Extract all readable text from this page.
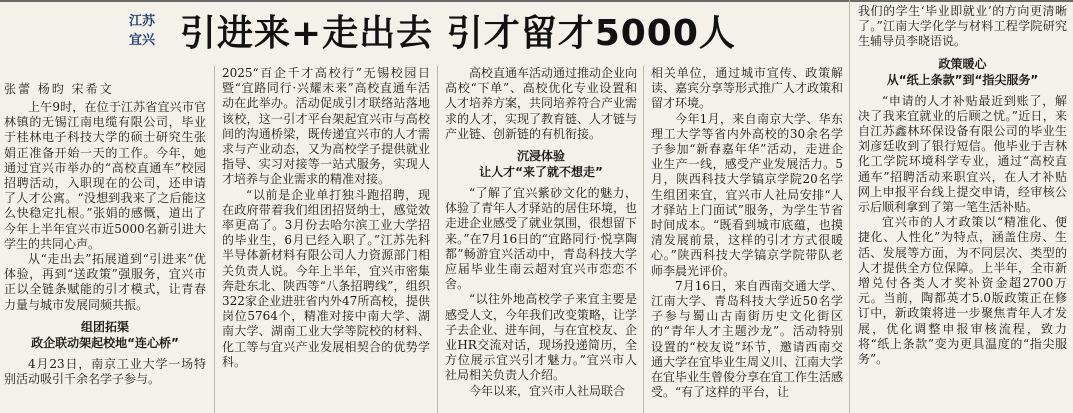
江苏
宜兴 引进来+走出去 引才留才5000人
张蕾 杨昀 宋希文

上午9时，在位于江苏省宜兴市官林镇的无锡江南电缆有限公司，毕业于桂林电子科技大学的硕士研究生张娟正准备开始一天的工作。今年，她通过宜兴市举办的“高校直通车”校园招聘活动，入职现在的公司，还申请了人才公寓。“没想到我来了之后能这么快稳定扎根。”张娟的感慨，道出了今年上半年宜兴市近5000名新引进大学生的共同心声。

从“走出去”拓展道到“引进来”优体验，再到“送政策”强服务，宜兴市正以全链条赋能的引才模式，让青春力量与城市发展同频共振。

组团拓渠
政企联动架起校地“连心桥”

4月23日，南京工业大学一场特别活动吸引千余名学子参与。

2025“百企千才高校行”无锡校园日暨“宜路同行·兴耀未来”高校直通车活动在此举办。活动促成引才联络站落地该校，这一引才平台架起宜兴市与高校间的沟通桥梁，既传递宜兴市的人才需求与产业动态，又为高校学子提供就业指导、实习对接等一站式服务，实现人才培养与企业需求的精准对接。

“以前是企业单打独斗跑招聘，现在政府带着我们组团招贤纳士，感觉效率更高了。3月份去哈尔滨工业大学招的毕业生，6月已经入职了。”江苏先科半导体新材料有限公司人力资源部门相关负责人说。今年上半年，宜兴市密集奔赴东北、陕西等“八条招聘线”，组织322家企业进驻省内外47所高校，提供岗位5764个，精准对接中南大学、湖南大学、湖南工业大学等院校的材料、化工等与宜兴产业发展相契合的优势学科。

高校直通车活动通过推动企业向高校“下单”、高校优化专业设置和人才培养方案，共同培养符合产业需求的人才，实现了教育链、人才链与产业链、创新链的有机衔接。

沉浸体验
让人才“来了就不想走”

“了解了宜兴紫砂文化的魅力，体验了青年人才驿站的居住环境，也走进企业感受了就业氛围，很想留下来。”在7月16日的“宜路同行·悦享陶都”畅游宜兴活动中，青岛科技大学应届毕业生南云超对宜兴市恋恋不舍。

“以往外地高校学子来宜主要是感受人文，今年我们改变策略，让学子去企业、进车间，与在宜校友、企业HR交流对话，现场投递简历，全方位展示宜兴引才魅力。”宜兴市人社局相关负责人介绍。

今年以来，宜兴市人社局联合

相关单位，通过城市宣传、政策解读、嘉宾分享等形式推广人才政策和留才环境。

今年1月，来自南京大学、华东理工大学等省内外高校的30余名学子参加“新春嘉年华”活动，走进企业生产一线，感受产业发展活力。5月，陕西科技大学镐京学院20名学生组团来宜，宜兴市人社局安排“人才驿站上门面试”服务，为学生节省时间成本。“既看到城市底蕴，也摸清发展前景，这样的引才方式很暖心。”陕西科技大学镐京学院带队老师李晨光评价。

7月16日，来自西南交通大学、江南大学、青岛科技大学近50名学子参与蜀山古南街历史文化街区的“青年人才主题沙龙”。活动特别设置的“校友说”环节，邀请西南交通大学在宜毕业生周义川、江南大学在宜毕业生曾俊分享在宜工作生活感受。“有了这样的平台，让

我们的学生‘毕业即就业’的方向更清晰了。”江南大学化学与材料工程学院研究生辅导员李晓语说。

政策暖心
从“纸上条款”到“指尖服务”

“申请的人才补贴最近到账了，解决了我来宜就业的后顾之忧。”近日，来自江苏鑫林环保设备有限公司的毕业生刘彦廷收到了银行短信。他毕业于吉林化工学院环境科学专业，通过“高校直通车”招聘活动来职宜兴，在人才补贴网上申报平台线上提交申请，经审核公示后顺利拿到了第一笔生活补贴。

宜兴市的人才政策以“精准化、便捷化、人性化”为特点，涵盖住房、生活、发展等方面，为不同层次、类型的人才提供全方位保障。上半年，全市新增兑付各类人才奖补资金超2700万元。当前，陶都英才5.0版政策正在修订中，新政策将进一步聚焦青年人才发展，优化调整申报审核流程，致力将“纸上条款”变为更具温度的“指尖服务”。
